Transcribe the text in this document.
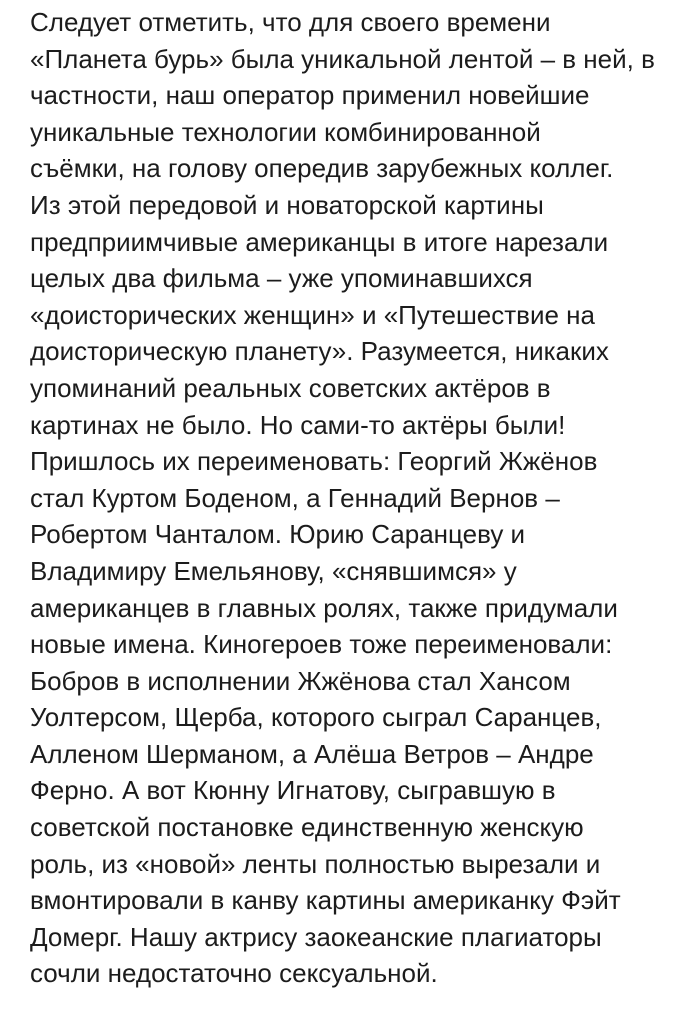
Следует отметить, что для своего времени
«Планета бурь» была уникальной лентой – в ней, в
частности, наш оператор применил новейшие
уникальные технологии комбинированной
съёмки, на голову опередив зарубежных коллег.
Из этой передовой и новаторской картины
предприимчивые американцы в итоге нарезали
целых два фильма – уже упоминавшихся
«доисторических женщин» и «Путешествие на
доисторическую планету». Разумеется, никаких
упоминаний реальных советских актёров в
картинах не было. Но сами-то актёры были!
Пришлось их переименовать: Георгий Жжёнов
стал Куртом Боденом, а Геннадий Вернов –
Робертом Чанталом. Юрию Саранцеву и
Владимиру Емельянову, «снявшимся» у
американцев в главных ролях, также придумали
новые имена. Киногероев тоже переименовали:
Бобров в исполнении Жжёнова стал Хансом
Уолтерсом, Щерба, которого сыграл Саранцев,
Алленом Шерманом, а Алёша Ветров – Андре
Ферно. А вот Кюнну Игнатову, сыгравшую в
советской постановке единственную женскую
роль, из «новой» ленты полностью вырезали и
вмонтировали в канву картины американку Фэйт
Домерг. Нашу актрису заокеанские плагиаторы
сочли недостаточно сексуальной.
